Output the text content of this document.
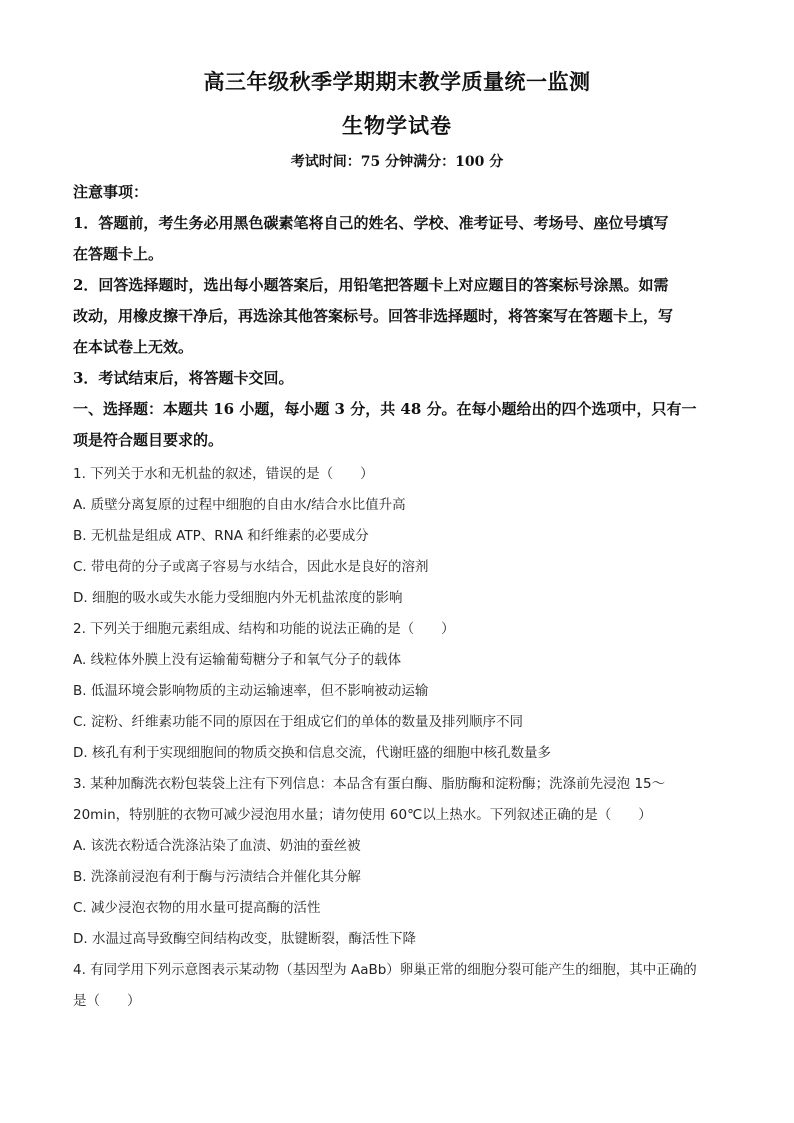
高三年级秋季学期期末教学质量统一监测
生物学试卷
考试时间：75 分钟满分：100 分
注意事项：
1．答题前，考生务必用黑色碳素笔将自己的姓名、学校、准考证号、考场号、座位号填写
在答题卡上。
2．回答选择题时，选出每小题答案后，用铅笔把答题卡上对应题目的答案标号涂黑。如需
改动，用橡皮擦干净后，再选涂其他答案标号。回答非选择题时，将答案写在答题卡上，写
在本试卷上无效。
3．考试结束后，将答题卡交回。
一、选择题：本题共 16 小题，每小题 3 分，共 48 分。在每小题给出的四个选项中，只有一
项是符合题目要求的。
1. 下列关于水和无机盐的叙述，错误的是（　　）
A. 质壁分离复原的过程中细胞的自由水/结合水比值升高
B. 无机盐是组成 ATP、RNA 和纤维素的必要成分
C. 带电荷的分子或离子容易与水结合，因此水是良好的溶剂
D. 细胞的吸水或失水能力受细胞内外无机盐浓度的影响
2. 下列关于细胞元素组成、结构和功能的说法正确的是（　　）
A. 线粒体外膜上没有运输葡萄糖分子和氧气分子的载体
B. 低温环境会影响物质的主动运输速率，但不影响被动运输
C. 淀粉、纤维素功能不同的原因在于组成它们的单体的数量及排列顺序不同
D. 核孔有利于实现细胞间的物质交换和信息交流，代谢旺盛的细胞中核孔数量多
3. 某种加酶洗衣粉包装袋上注有下列信息：本品含有蛋白酶、脂肪酶和淀粉酶；洗涤前先浸泡 15～
20min，特别脏的衣物可减少浸泡用水量；请勿使用 60℃以上热水。下列叙述正确的是（　　）
A. 该洗衣粉适合洗涤沾染了血渍、奶油的蚕丝被
B. 洗涤前浸泡有利于酶与污渍结合并催化其分解
C. 减少浸泡衣物的用水量可提高酶的活性
D. 水温过高导致酶空间结构改变，肽键断裂，酶活性下降
4. 有同学用下列示意图表示某动物（基因型为 AaBb）卵巢正常的细胞分裂可能产生的细胞，其中正确的
是（　　）
